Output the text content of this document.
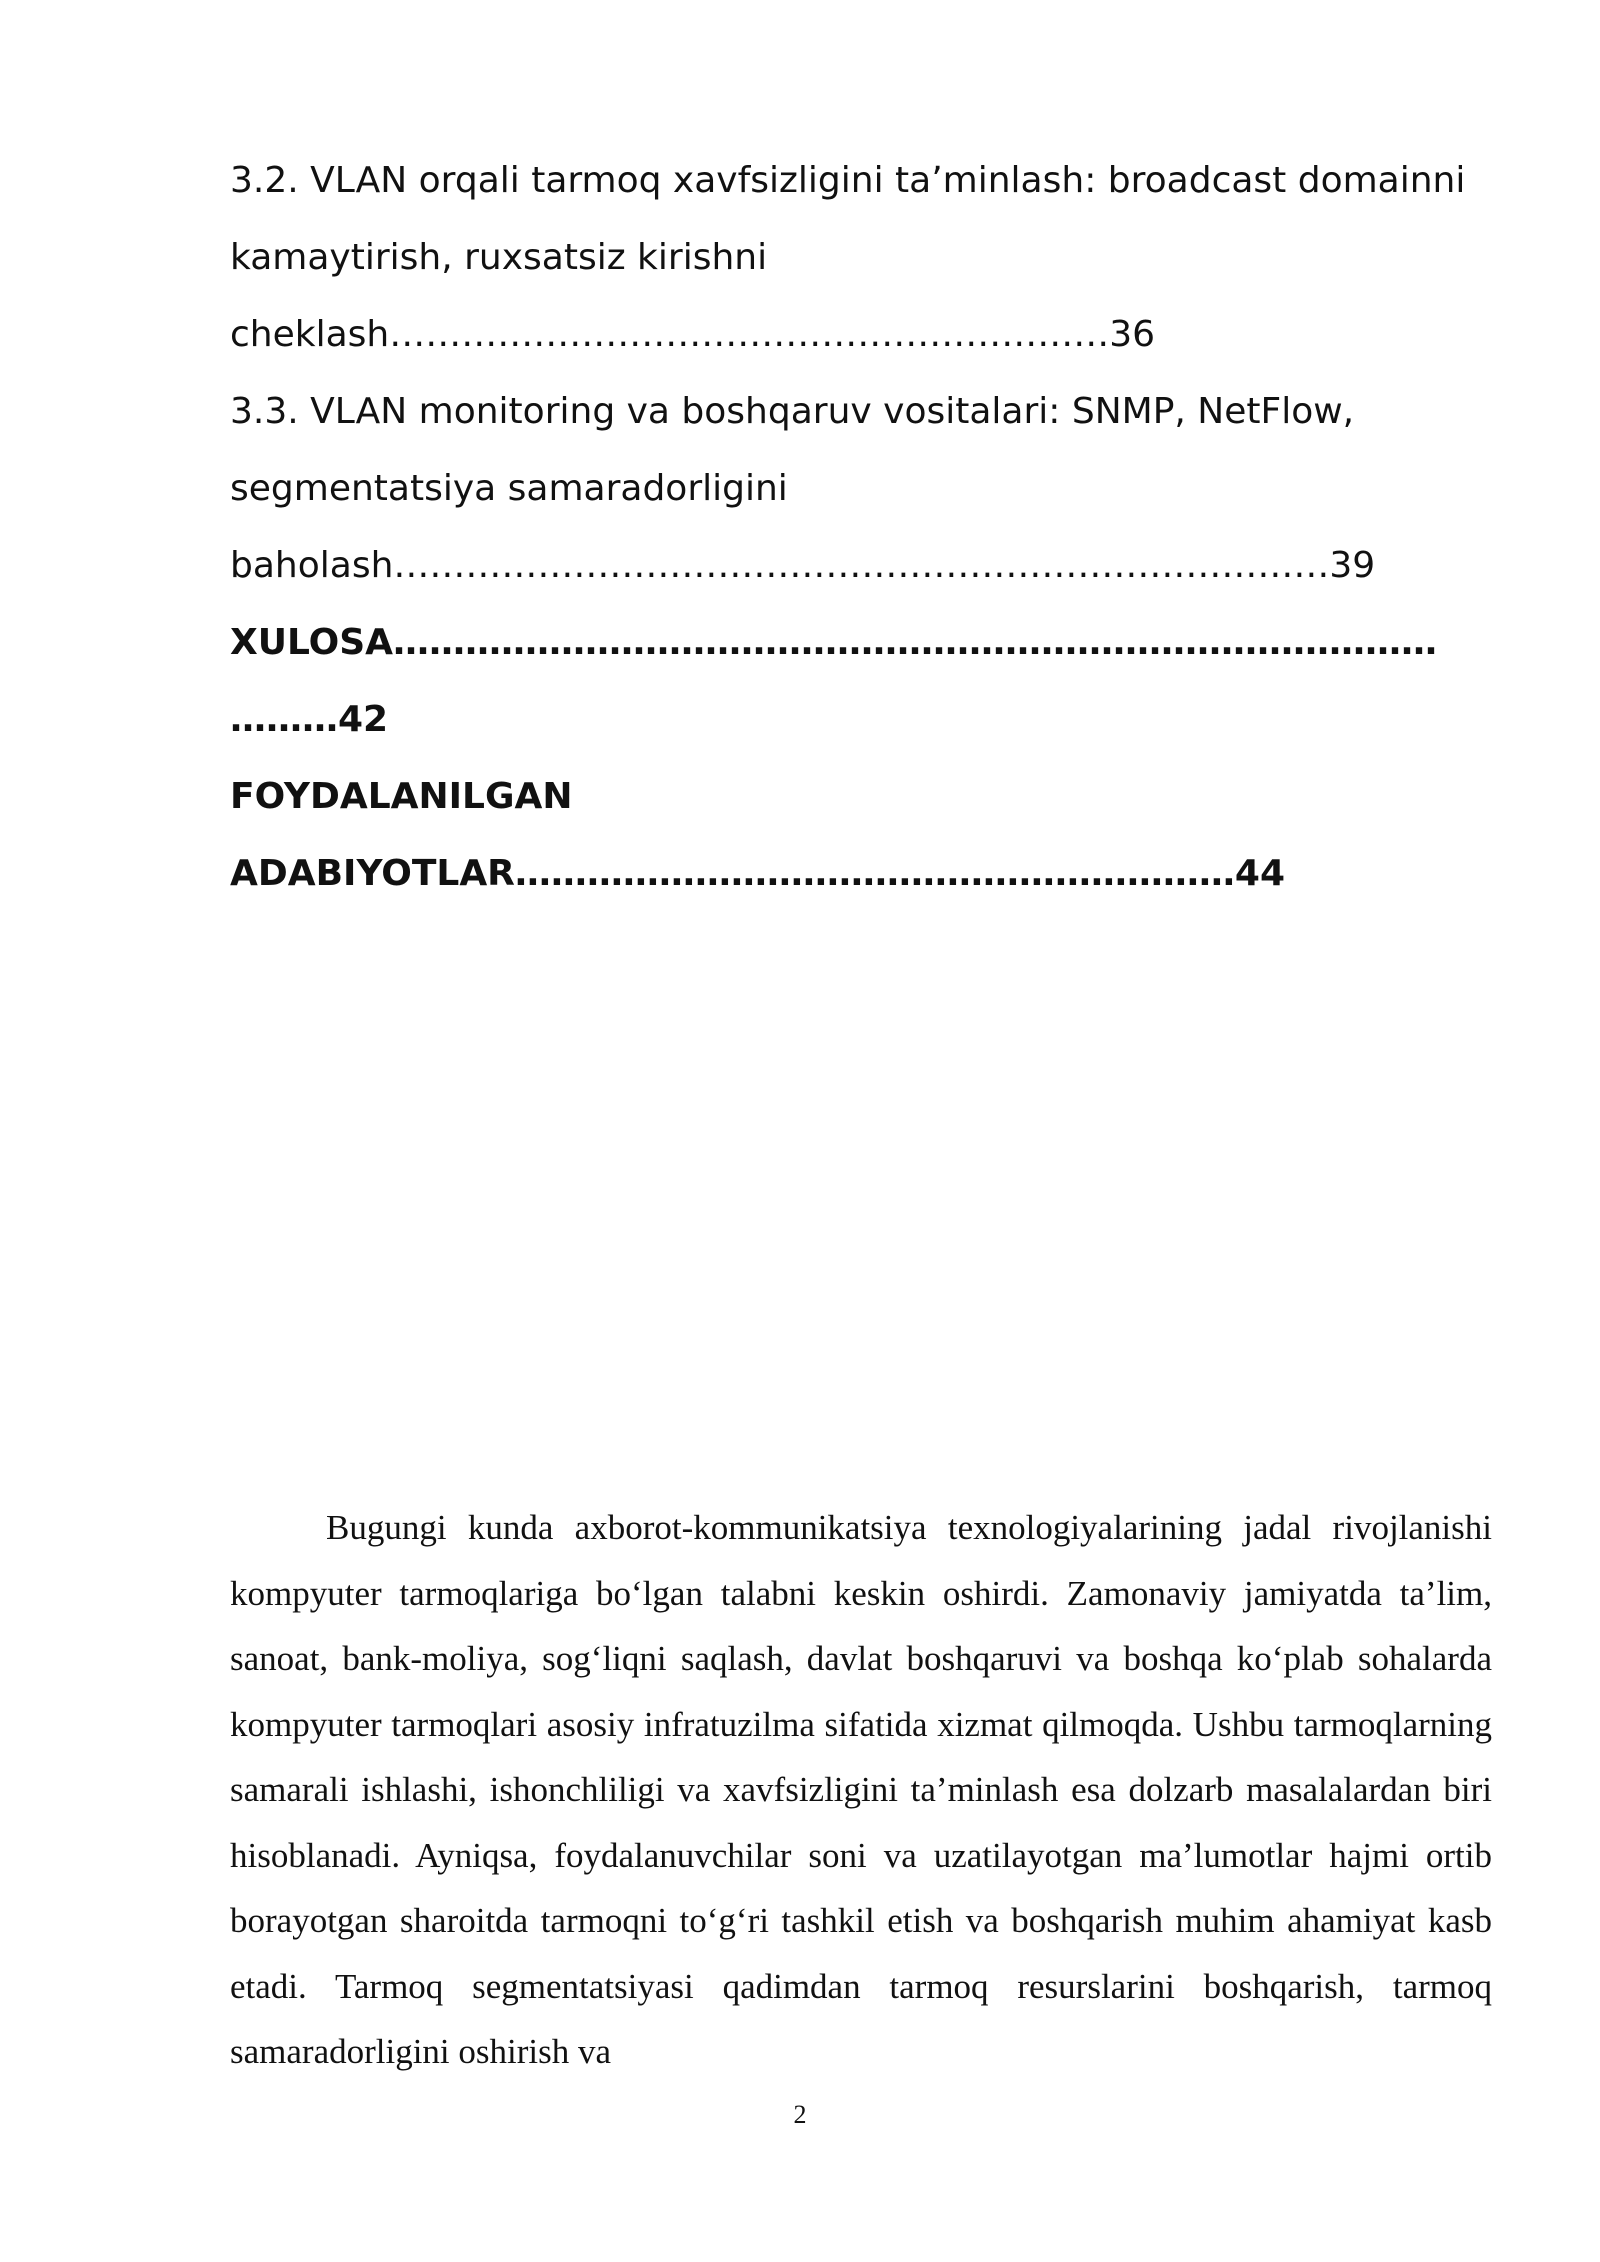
3.2. VLAN orqali tarmoq xavfsizligini ta’minlash: broadcast domainni
kamaytirish, ruxsatsiz kirishni
cheklash……………………………………………………36
3.3. VLAN monitoring va boshqaruv vositalari: SNMP, NetFlow,
segmentatsiya samaradorligini
baholash……………………………………………………………………39
XULOSA……………………………………………………………………………
………42
FOYDALANILGAN
ADABIYOTLAR……………………………………………………44

Bugungi kunda axborot-kommunikatsiya texnologiyalarining jadal rivojlanishi kompyuter tarmoqlariga bo‘lgan talabni keskin oshirdi. Zamonaviy jamiyatda ta’lim, sanoat, bank-moliya, sog‘liqni saqlash, davlat boshqaruvi va boshqa ko‘plab sohalarda kompyuter tarmoqlari asosiy infratuzilma sifatida xizmat qilmoqda. Ushbu tarmoqlarning samarali ishlashi, ishonchliligi va xavfsizligini ta’minlash esa dolzarb masalalardan biri hisoblanadi. Ayniqsa, foydalanuvchilar soni va uzatilayotgan ma’lumotlar hajmi ortib borayotgan sharoitda tarmoqni to‘g‘ri tashkil etish va boshqarish muhim ahamiyat kasb etadi. Tarmoq segmentatsiyasi qadimdan tarmoq resurslarini boshqarish, tarmoq samaradorligini oshirish va

2
